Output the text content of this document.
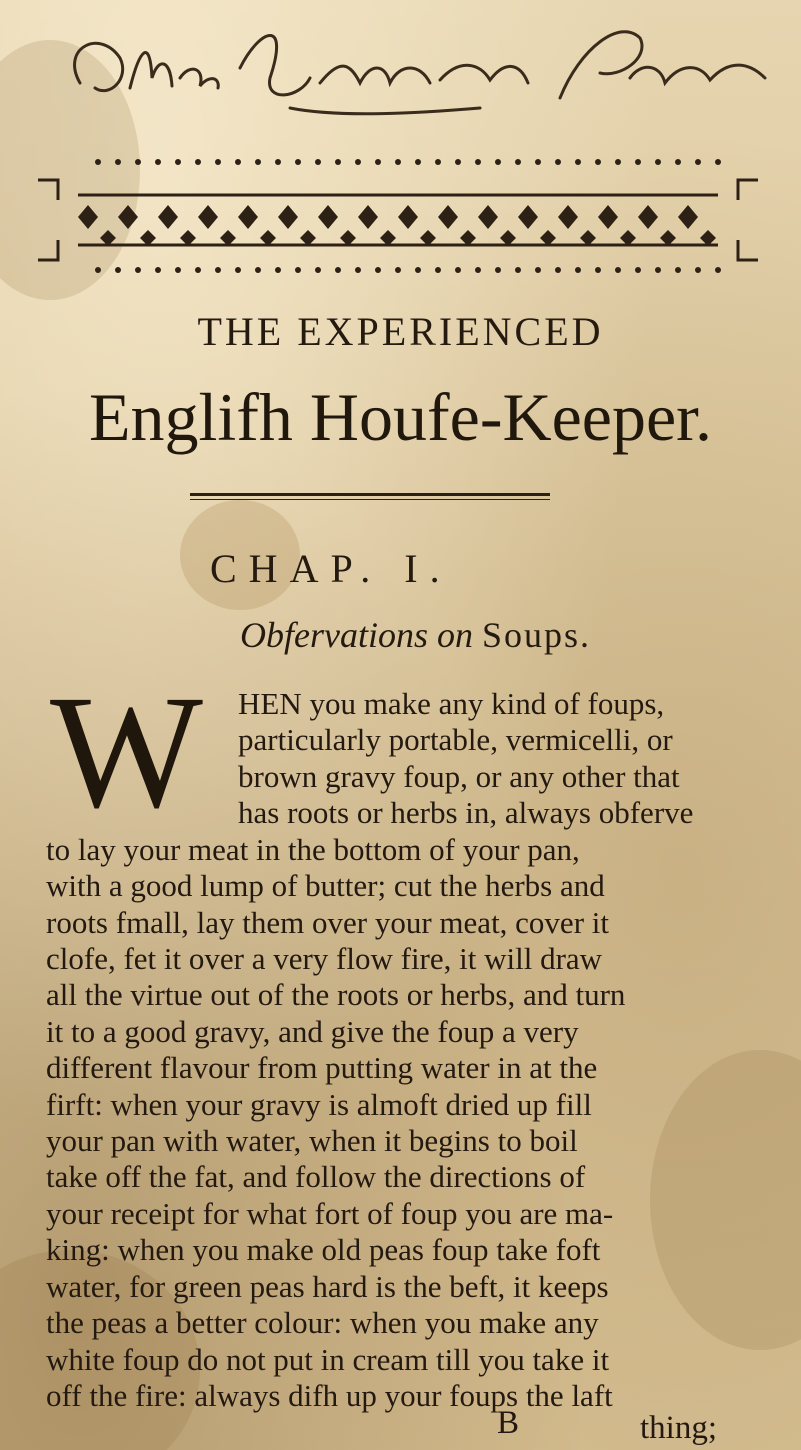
THE EXPERIENCED
Englifh Houfe-Keeper.
CHAP. I.
Obfervations on Soups.
W HEN you make any kind of foups,
particularly portable, vermicelli, or
brown gravy foup, or any other that
has roots or herbs in, always obferve
to lay your meat in the bottom of your pan,
with a good lump of butter; cut the herbs and
roots fmall, lay them over your meat, cover it
clofe, fet it over a very flow fire, it will draw
all the virtue out of the roots or herbs, and turn
it to a good gravy, and give the foup a very
different flavour from putting water in at the
firft: when your gravy is almoft dried up fill
your pan with water, when it begins to boil
take off the fat, and follow the directions of
your receipt for what fort of foup you are ma-
king: when you make old peas foup take foft
water, for green peas hard is the beft, it keeps
the peas a better colour: when you make any
B	thing;
white foup do not put in cream till you take it
off the fire: always difh up your foups the laft
